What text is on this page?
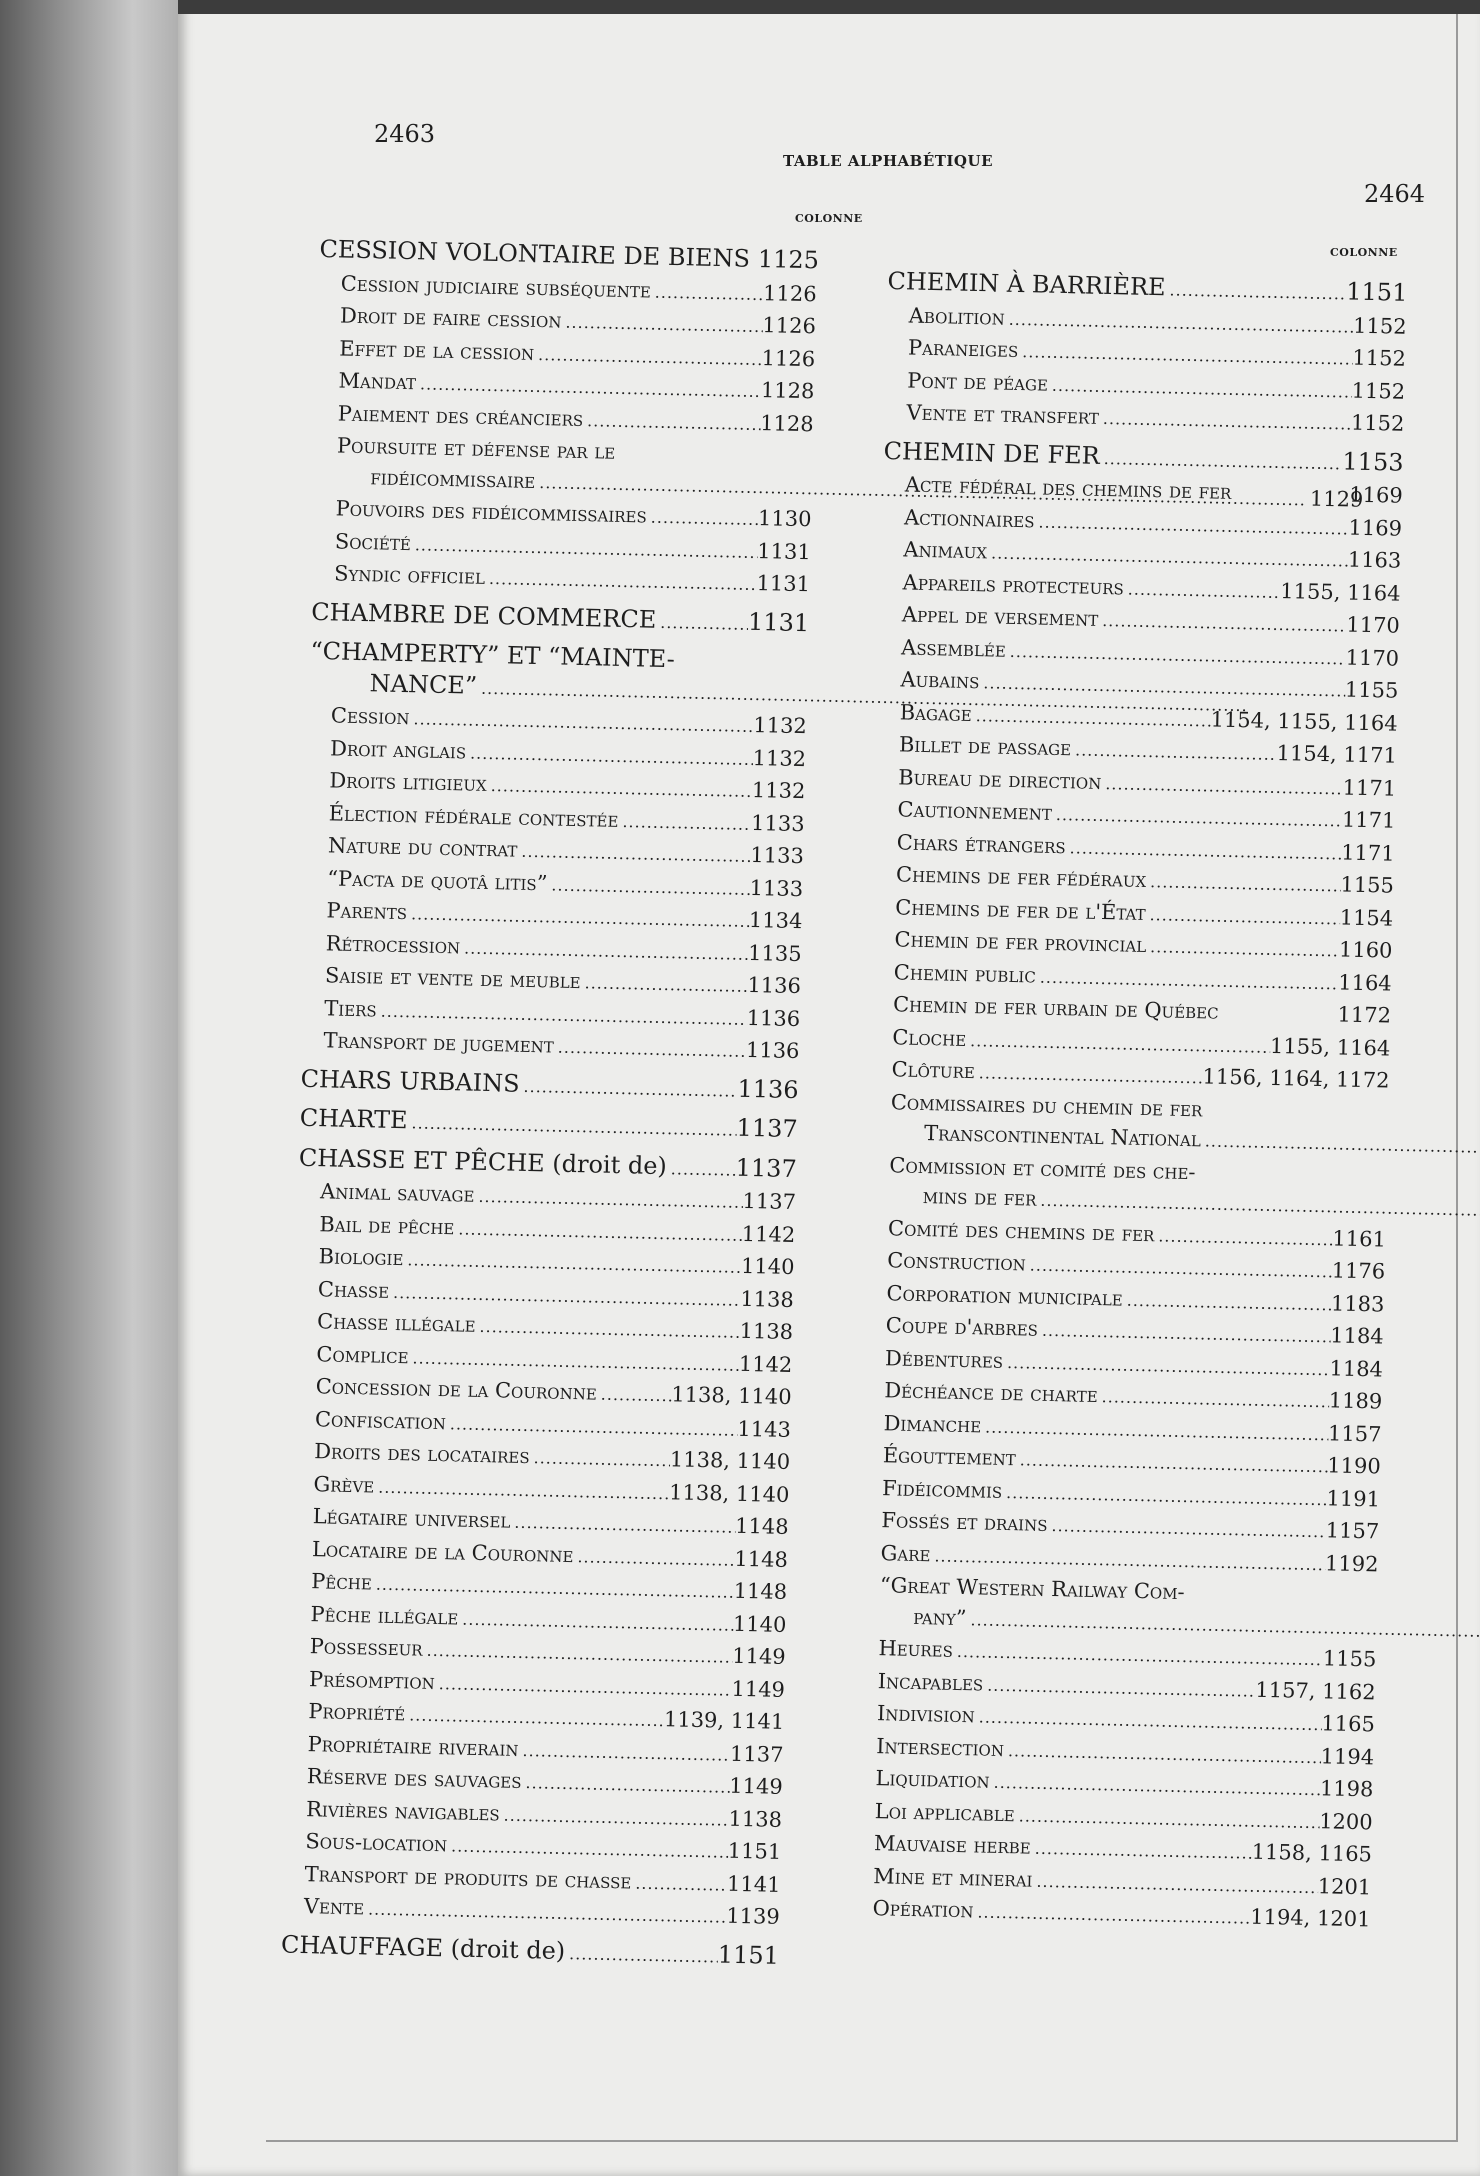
2463
2464
TABLE ALPHABÉTIQUE
COLONNE
COLONNE
CESSION VOLONTAIRE DE BIENS 1125
Cession judiciaire subséquente .....	1126
Droit de faire cession .....	1126
Effet de la cession .....	1126
Mandat .....	1128
Paiement des créanciers .....	1128
Poursuite et défense par le
fidéicommissaire .....1129
Pouvoirs des fidéicommissaires .....	1130
Société .....	1131
Syndic officiel .....	1131
CHAMBRE DE COMMERCE .....	1131
“CHAMPERTY” ET “MAINTE-
NANCE” .....
Cession .....	1132
Droit anglais .....	1132
Droits litigieux .....	1132
Élection fédérale contestée .....	1133
Nature du contrat .....	1133
“Pacta de quotâ litis” .....	1133
Parents .....	1134
Rétrocession .....	1135
Saisie et vente de meuble .....	1136
Tiers .....	1136
Transport de jugement .....	1136
CHARS URBAINS .....	1136
CHARTE .....	1137
CHASSE ET PÊCHE (droit de) .....	1137
Animal sauvage .....	1137
Bail de pêche .....	1142
Biologie .....	1140
Chasse .....	1138
Chasse illégale .....	1138
Complice .....	1142
Concession de la Couronne .....	1138, 1140
Confiscation .....	1143
Droits des locataires .....	1138, 1140
Grève .....	1138, 1140
Légataire universel .....	1148
Locataire de la Couronne .....	1148
Pêche .....	1148
Pêche illégale .....	1140
Possesseur .....	1149
Présomption .....	1149
Propriété .....	1139, 1141
Propriétaire riverain .....	1137
Réserve des sauvages .....	1149
Rivières navigables .....	1138
Sous-location .....	1151
Transport de produits de chasse .....	1141
Vente .....	1139
CHAUFFAGE (droit de) .....	1151
CHEMIN À BARRIÈRE .....	1151
Abolition .....	1152
Paraneiges .....	1152
Pont de péage .....	1152
Vente et transfert .....	1152
CHEMIN DE FER .....	1153
Acte fédéral des chemins de fer	1169
Actionnaires .....	1169
Animaux .....	1163
Appareils protecteurs .....	1155, 1164
Appel de versement .....	1170
Assemblée .....	1170
Aubains .....	1155
Bagage .....	1154, 1155, 1164
Billet de passage .....	1154, 1171
Bureau de direction .....	1171
Cautionnement .....	1171
Chars étrangers .....	1171
Chemins de fer fédéraux .....	1155
Chemins de fer de l'État .....	1154
Chemin de fer provincial .....	1160
Chemin public .....	1164
Chemin de fer urbain de Québec	1172
Cloche .....	1155, 1164
Clôture .....	1156, 1164, 1172
Commissaires du chemin de fer
Transcontinental National .....
Commission et comité des che-
mins de fer .....
Comité des chemins de fer .....	1161
Construction .....	1176
Corporation municipale .....	1183
Coupe d'arbres .....	1184
Débentures .....	1184
Déchéance de charte .....	1189
Dimanche .....	1157
Égouttement .....	1190
Fidéicommis .....	1191
Fossés et drains .....	1157
Gare .....	1192
“Great Western Railway Com-
pany” .....
Heures .....	1155
Incapables .....	1157, 1162
Indivision .....	1165
Intersection .....	1194
Liquidation .....	1198
Loi applicable .....	1200
Mauvaise herbe .....	1158, 1165
Mine et minerai .....	1201
Opération .....	1194, 1201
